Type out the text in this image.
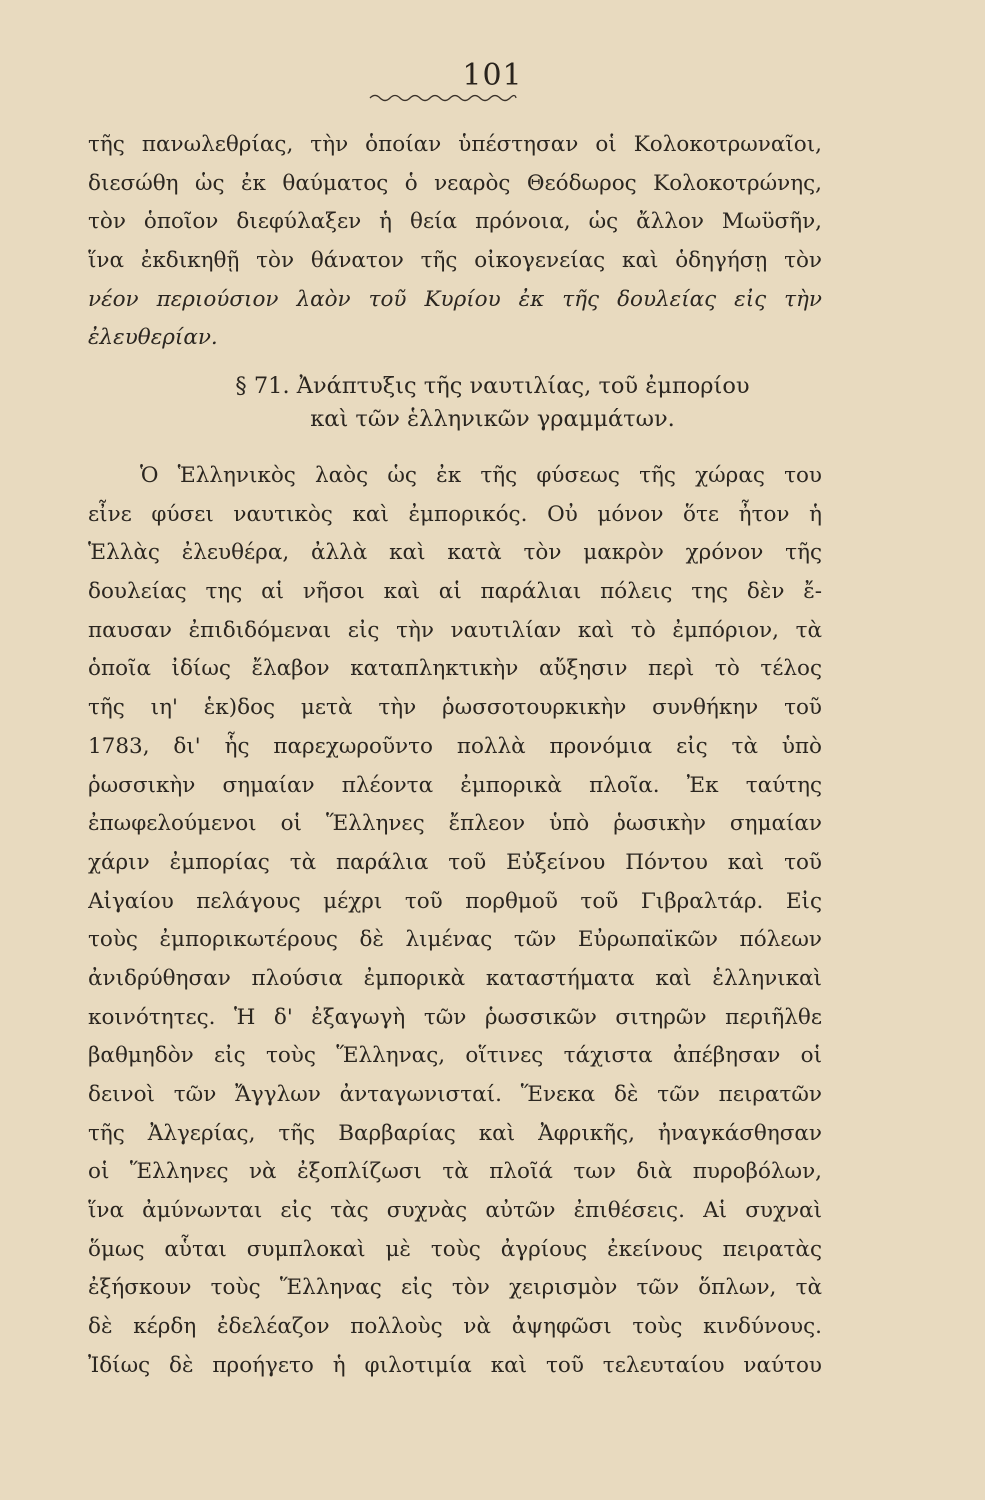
101
τῆς πανωλεθρίας, τὴν ὁποίαν ὑπέστησαν οἱ Κολοκοτρωναῖοι,
διεσώθη ὡς ἐκ θαύματος ὁ νεαρὸς Θεόδωρος Κολοκοτρώνης,
τὸν ὁποῖον διεφύλαξεν ἡ θεία πρόνοια, ὡς ἄλλον Μωϋσῆν,
ἵνα ἐκδικηθῇ τὸν θάνατον τῆς οἰκογενείας καὶ ὁδηγήσῃ τὸν
νέον περιούσιον λαὸν τοῦ Κυρίου ἐκ τῆς δουλείας εἰς τὴν
ἐλευθερίαν.
§ 71. Ἀνάπτυξις τῆς ναυτιλίας, τοῦ ἐμπορίου
καὶ τῶν ἑλληνικῶν γραμμάτων.
Ὁ Ἑλληνικὸς λαὸς ὡς ἐκ τῆς φύσεως τῆς χώρας του
εἶνε φύσει ναυτικὸς καὶ ἐμπορικός. Οὐ μόνον ὅτε ἦτον ἡ
Ἑλλὰς ἐλευθέρα, ἀλλὰ καὶ κατὰ τὸν μακρὸν χρόνον τῆς
δουλείας της αἱ νῆσοι καὶ αἱ παράλιαι πόλεις της δὲν ἔ-
παυσαν ἐπιδιδόμεναι εἰς τὴν ναυτιλίαν καὶ τὸ ἐμπόριον, τὰ
ὁποῖα ἰδίως ἔλαβον καταπληκτικὴν αὔξησιν περὶ τὸ τέλος
τῆς ιη' ἑκ)δος μετὰ τὴν ῥωσσοτουρκικὴν συνθήκην τοῦ
1783, δι' ἧς παρεχωροῦντο πολλὰ προνόμια εἰς τὰ ὑπὸ
ῥωσσικὴν σημαίαν πλέοντα ἐμπορικὰ πλοῖα. Ἐκ ταύτης
ἐπωφελούμενοι οἱ Ἕλληνες ἔπλεον ὑπὸ ῥωσικὴν σημαίαν
χάριν ἐμπορίας τὰ παράλια τοῦ Εὐξείνου Πόντου καὶ τοῦ
Αἰγαίου πελάγους μέχρι τοῦ πορθμοῦ τοῦ Γιβραλτάρ. Εἰς
τοὺς ἐμπορικωτέρους δὲ λιμένας τῶν Εὐρωπαϊκῶν πόλεων
ἀνιδρύθησαν πλούσια ἐμπορικὰ καταστήματα καὶ ἑλληνικαὶ
κοινότητες. Ἡ δ' ἐξαγωγὴ τῶν ῥωσσικῶν σιτηρῶν περιῆλθε
βαθμηδὸν εἰς τοὺς Ἕλληνας, οἵτινες τάχιστα ἀπέβησαν οἱ
δεινοὶ τῶν Ἄγγλων ἀνταγωνισταί. Ἕνεκα δὲ τῶν πειρατῶν
τῆς Ἀλγερίας, τῆς Βαρβαρίας καὶ Ἀφρικῆς, ἠναγκάσθησαν
οἱ Ἕλληνες νὰ ἐξοπλίζωσι τὰ πλοῖά των διὰ πυροβόλων,
ἵνα ἀμύνωνται εἰς τὰς συχνὰς αὐτῶν ἐπιθέσεις. Αἱ συχναὶ
ὅμως αὗται συμπλοκαὶ μὲ τοὺς ἀγρίους ἐκείνους πειρατὰς
ἐξήσκουν τοὺς Ἕλληνας εἰς τὸν χειρισμὸν τῶν ὅπλων, τὰ
δὲ κέρδη ἐδελέαζον πολλοὺς νὰ ἀψηφῶσι τοὺς κινδύνους.
Ἰδίως δὲ προήγετο ἡ φιλοτιμία καὶ τοῦ τελευταίου ναύτου
